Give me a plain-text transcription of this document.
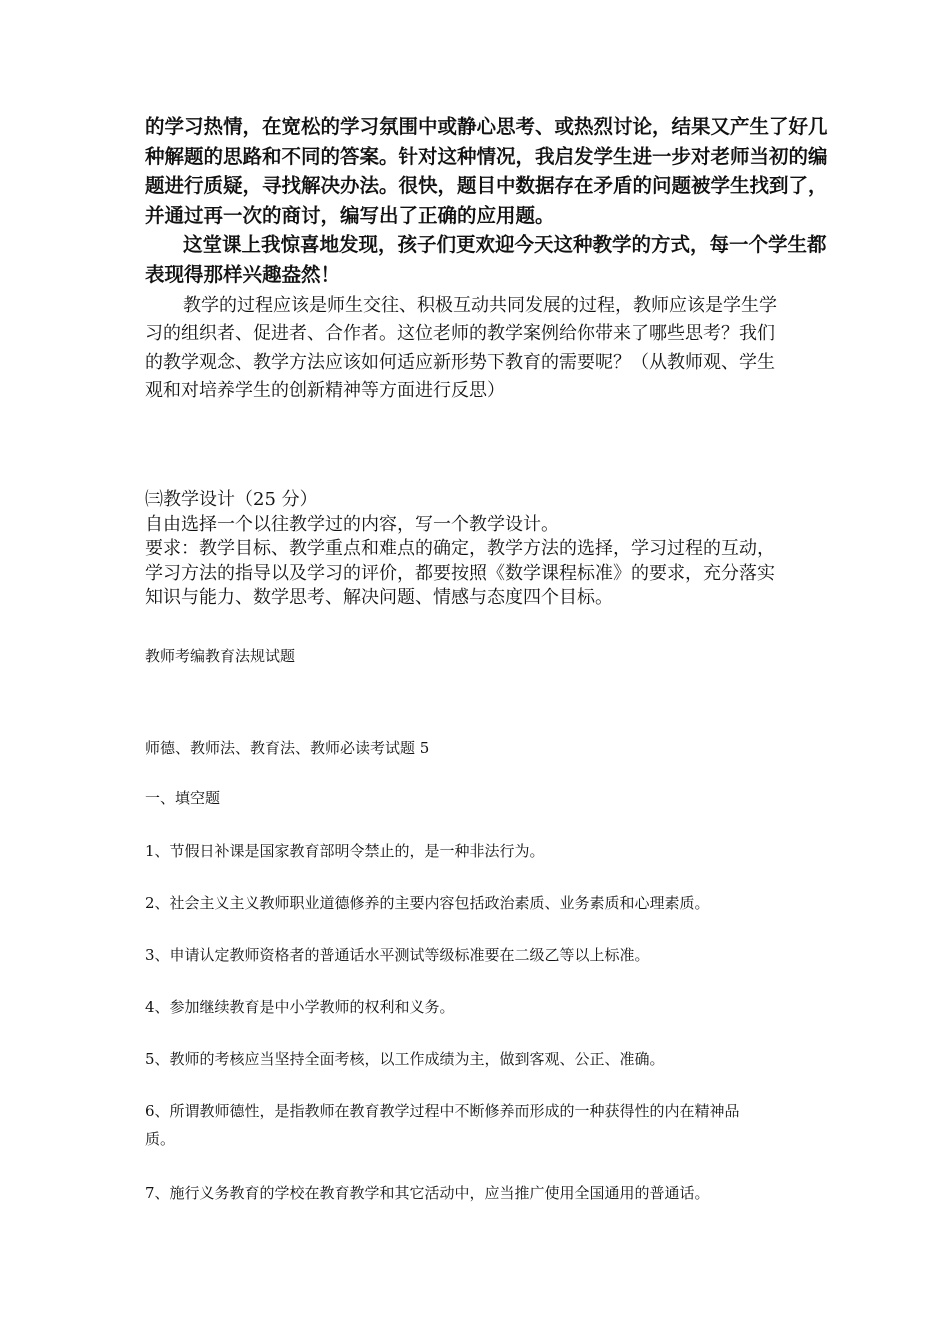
的学习热情，在宽松的学习氛围中或静心思考、或热烈讨论，结果又产生了好几
种解题的思路和不同的答案。针对这种情况，我启发学生进一步对老师当初的编
题进行质疑，寻找解决办法。很快，题目中数据存在矛盾的问题被学生找到了，
并通过再一次的商讨，编写出了正确的应用题。
这堂课上我惊喜地发现，孩子们更欢迎今天这种教学的方式，每一个学生都
表现得那样兴趣盎然！
教学的过程应该是师生交往、积极互动共同发展的过程，教师应该是学生学
习的组织者、促进者、合作者。这位老师的教学案例给你带来了哪些思考？我们
的教学观念、教学方法应该如何适应新形势下教育的需要呢？（从教师观、学生
观和对培养学生的创新精神等方面进行反思）
㈢教学设计（25 分）
自由选择一个以往教学过的内容，写一个教学设计。
要求：教学目标、教学重点和难点的确定，教学方法的选择，学习过程的互动，
学习方法的指导以及学习的评价，都要按照《数学课程标准》的要求，充分落实
知识与能力、数学思考、解决问题、情感与态度四个目标。
教师考编教育法规试题
师德、教师法、教育法、教师必读考试题 5
一、填空题
1、节假日补课是国家教育部明令禁止的，是一种非法行为。
2、社会主义主义教师职业道德修养的主要内容包括政治素质、业务素质和心理素质。
3、申请认定教师资格者的普通话水平测试等级标准要在二级乙等以上标准。
4、参加继续教育是中小学教师的权利和义务。
5、教师的考核应当坚持全面考核，以工作成绩为主，做到客观、公正、准确。
6、所谓教师德性，是指教师在教育教学过程中不断修养而形成的一种获得性的内在精神品
质。
7、施行义务教育的学校在教育教学和其它活动中，应当推广使用全国通用的普通话。
